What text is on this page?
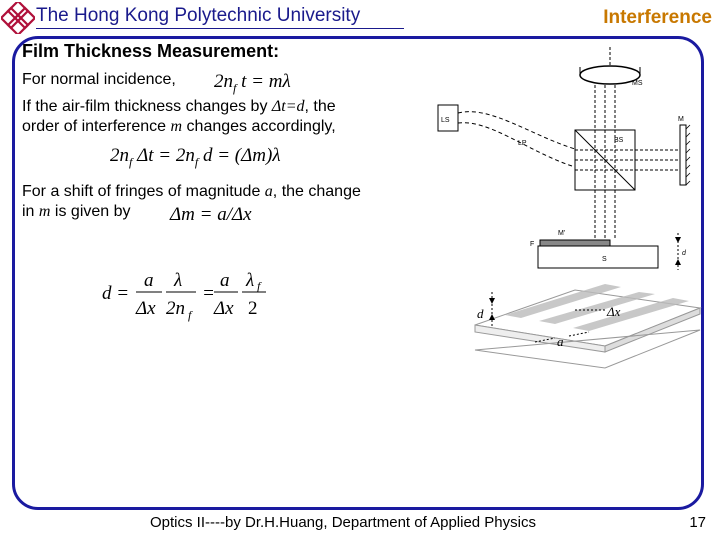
The Hong Kong Polytechnic University	Interference
Film Thickness Measurement:
For normal incidence,
If the air-film thickness changes by Δt=d, the
order of interference m changes accordingly,
For a shift of fringes of magnitude a, the change
in m is given by
$2n_f$ t = mλ
$2n_f$ $\Delta t = 2n_f$ d = (Δm)λ
Δm = a/Δx
d =
a
Δx
λ
2n f
=
a
Δx
λ f
2
MS
LS
LP	BS
M
M'
F
S
d
d	Δx
a
Optics II----by Dr.H.Huang, Department of Applied Physics	17
